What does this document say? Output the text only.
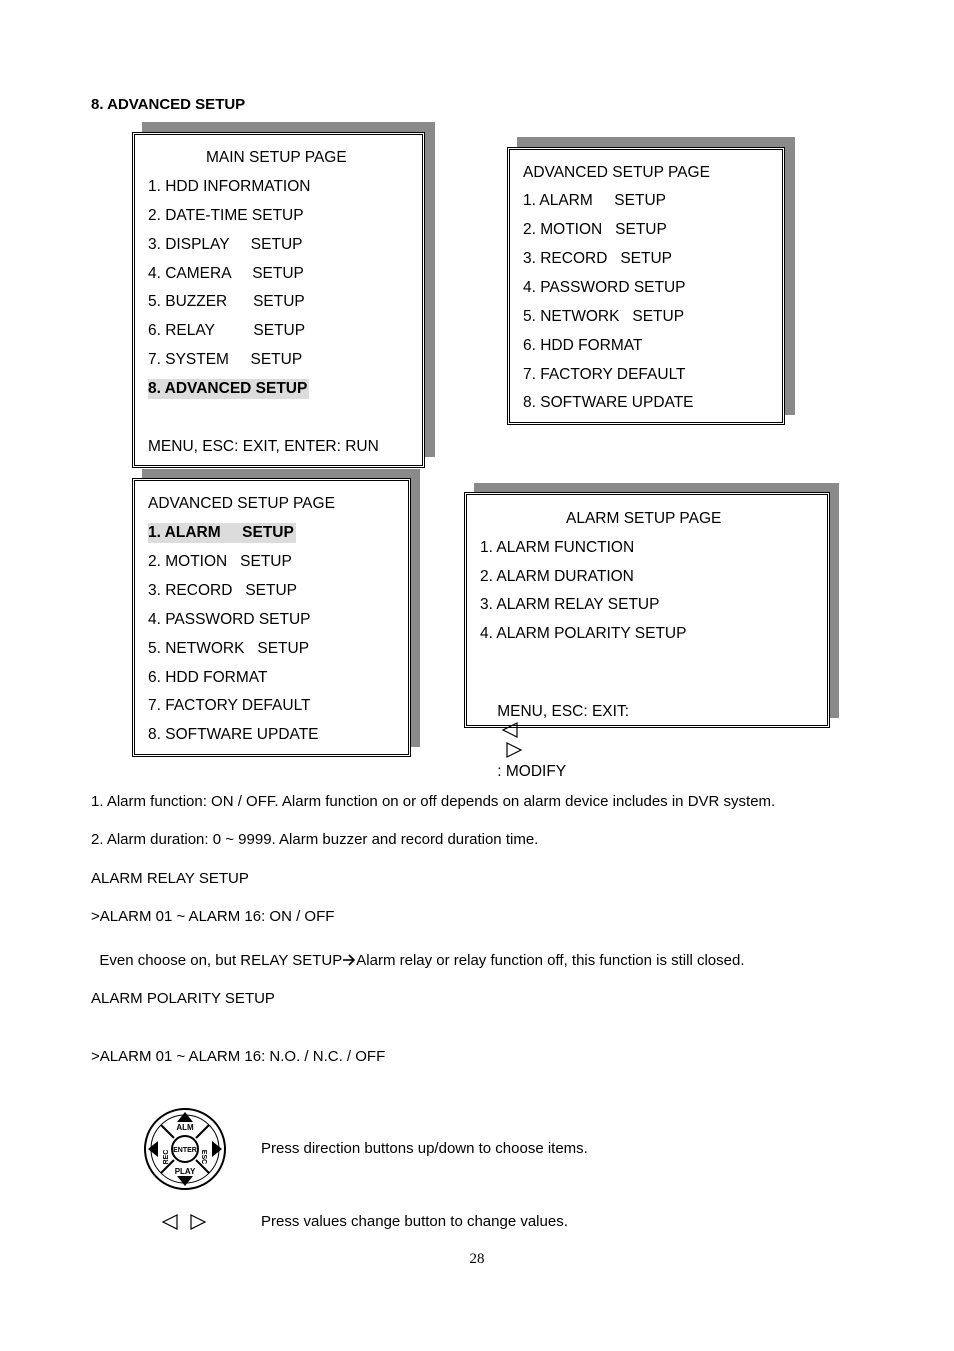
8. ADVANCED SETUP
MAIN SETUP PAGE
1. HDD INFORMATION
2. DATE-TIME SETUP
3. DISPLAY     SETUP
4. CAMERA     SETUP
5. BUZZER      SETUP
6. RELAY         SETUP
7. SYSTEM     SETUP
8. ADVANCED SETUP
MENU, ESC: EXIT, ENTER: RUN
ADVANCED SETUP PAGE
1. ALARM     SETUP
2. MOTION   SETUP
3. RECORD   SETUP
4. PASSWORD SETUP
5. NETWORK   SETUP
6. HDD FORMAT
7. FACTORY DEFAULT
8. SOFTWARE UPDATE
ADVANCED SETUP PAGE
1. ALARM     SETUP
2. MOTION   SETUP
3. RECORD   SETUP
4. PASSWORD SETUP
5. NETWORK   SETUP
6. HDD FORMAT
7. FACTORY DEFAULT
8. SOFTWARE UPDATE
ALARM SETUP PAGE
1. ALARM FUNCTION
2. ALARM DURATION
3. ALARM RELAY SETUP
4. ALARM POLARITY SETUP

MENU, ESC: EXIT:

: MODIFY

1. Alarm function: ON / OFF. Alarm function on or off depends on alarm device includes in DVR system.
2. Alarm duration: 0 ~ 9999. Alarm buzzer and record duration time.
ALARM RELAY SETUP
>ALARM 01 ~ ALARM 16: ON / OFF

Even choose on, but RELAY SETUP Alarm relay or relay function off, this function is still closed.

ALARM POLARITY SETUP
>ALARM 01 ~ ALARM 16: N.O. / N.C. / OFF
ENTER
ALM
PLAY
REC	ESC	Press direction buttons up/down to choose items.
Press values change button to change values.
28
